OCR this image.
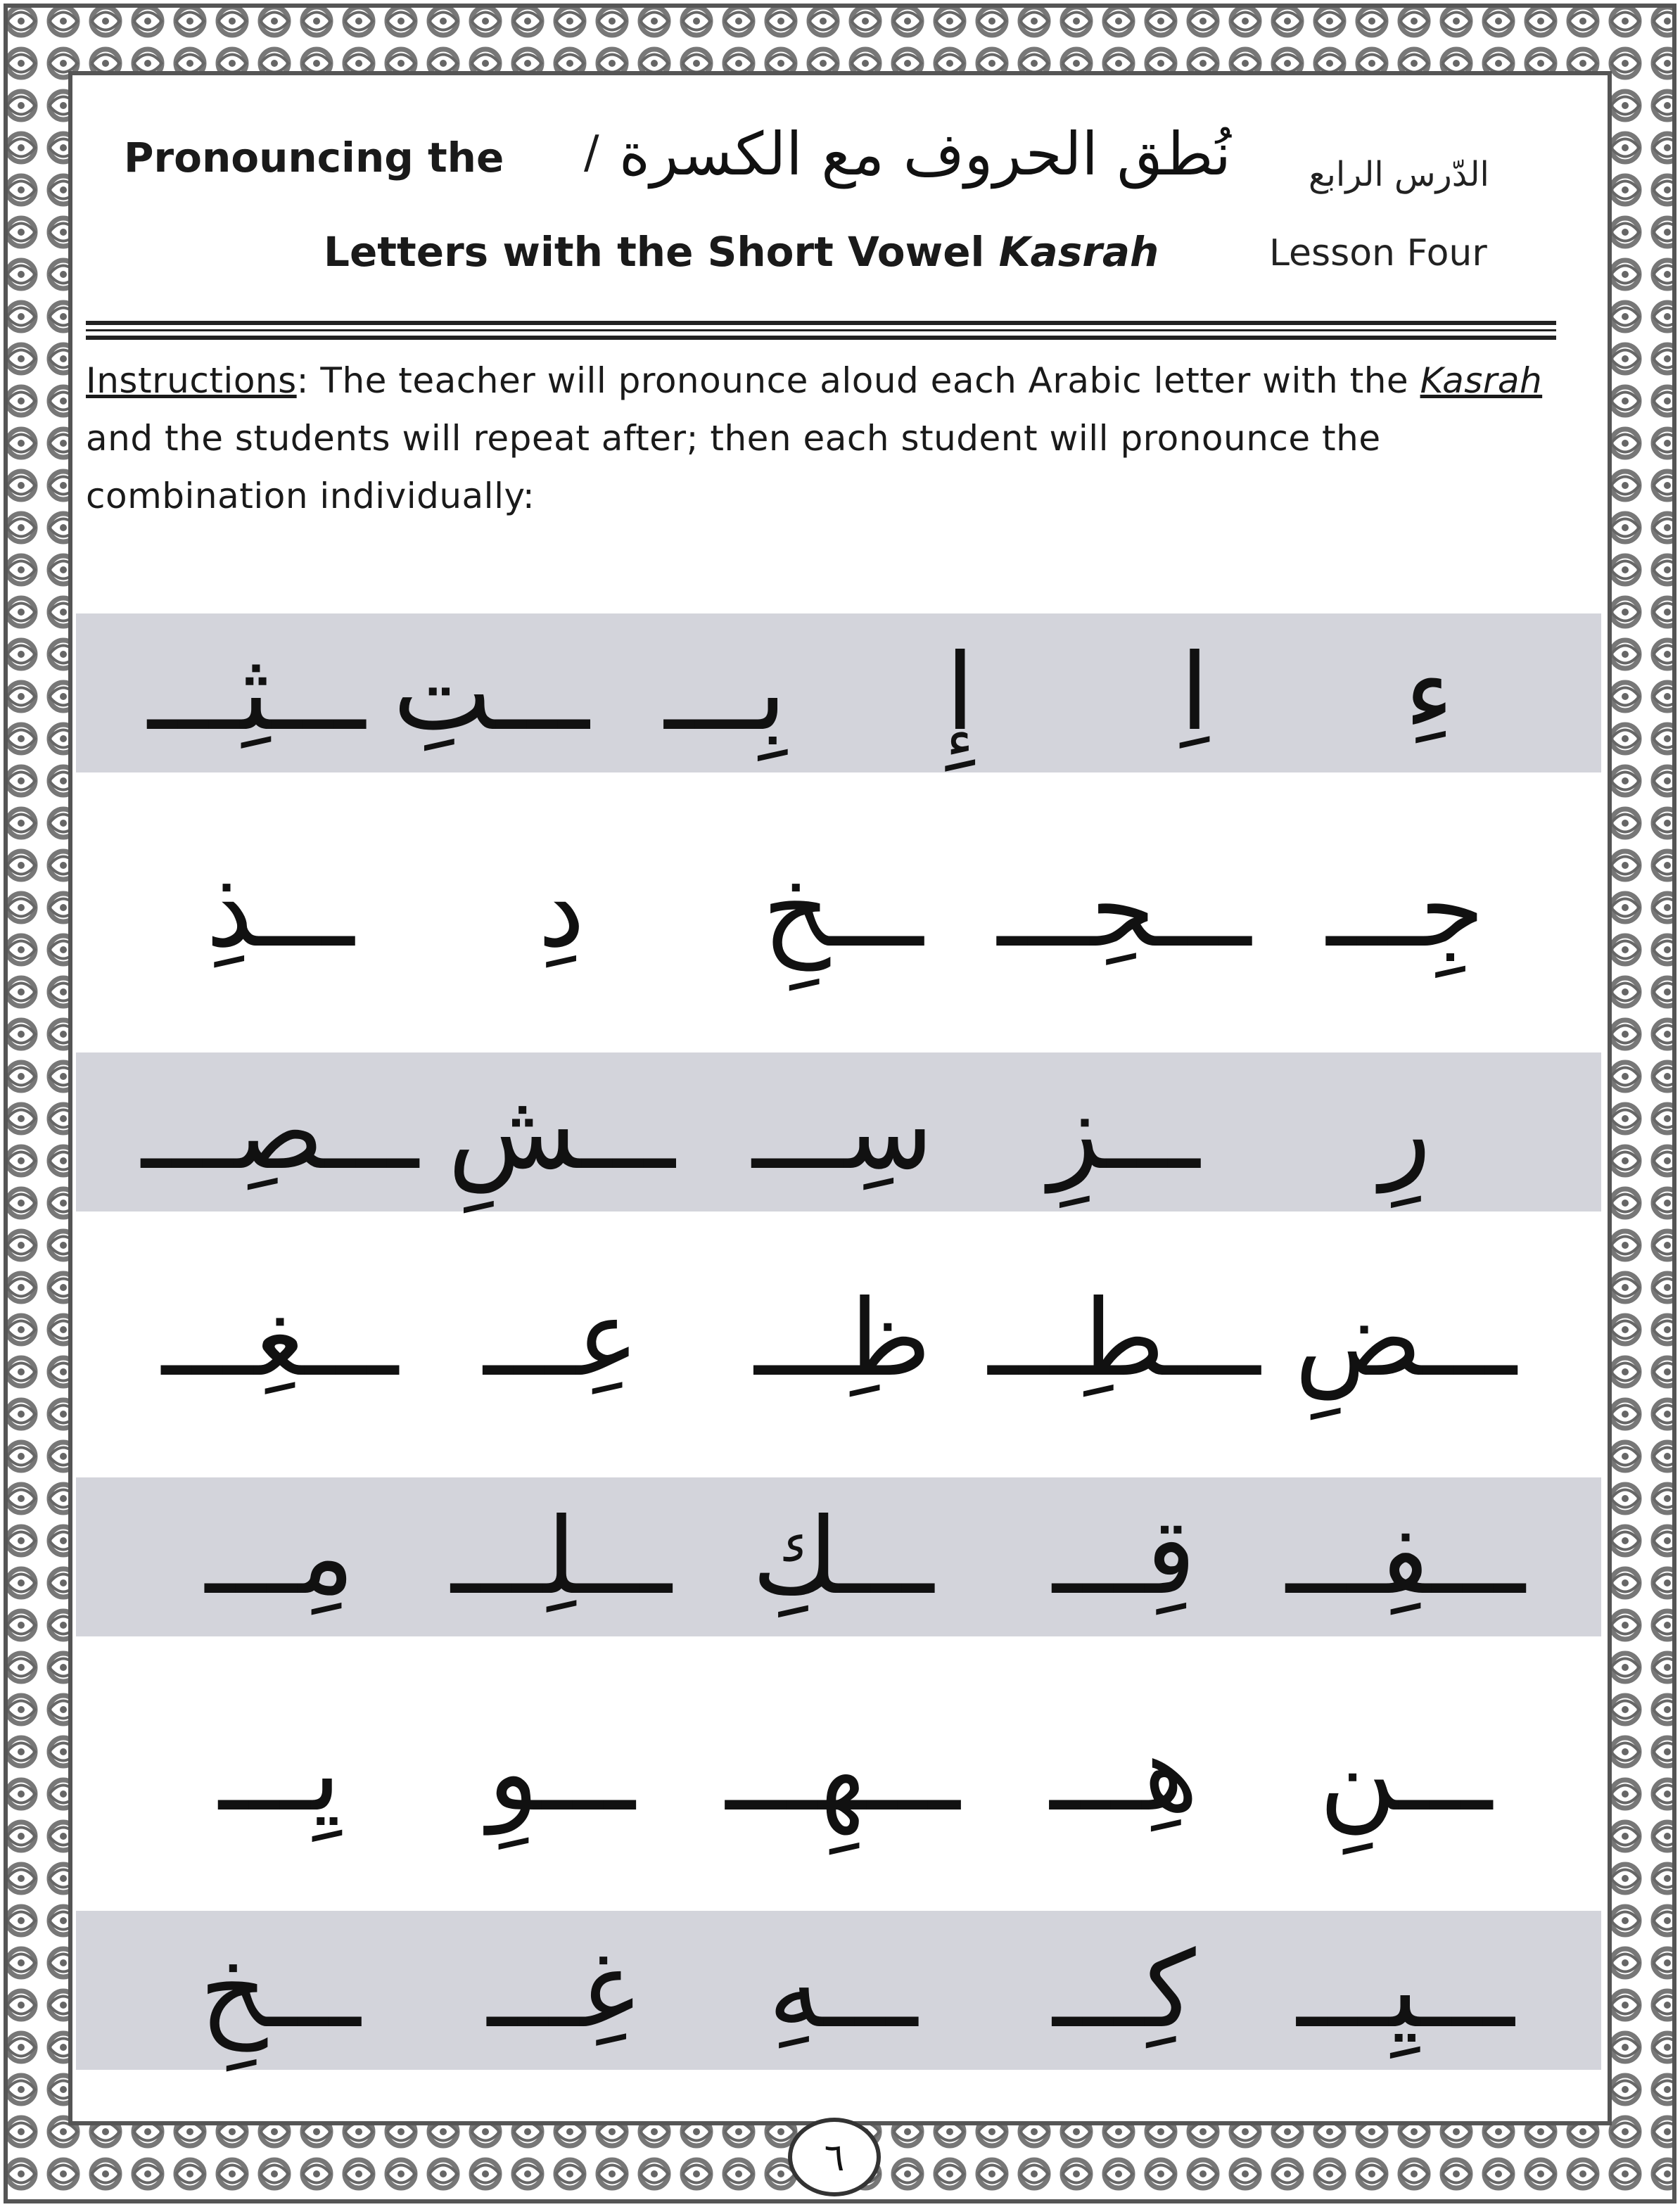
Pronouncing the / نُطق الحروف مع الكسرة الدّرس الرابع
Letters with the Short Vowel Kasrah	Lesson Four
Instructions: The teacher will pronounce aloud each Arabic letter with the Kasrah and the students will repeat after; then each student will pronounce the combination individually:
ءِ
اِ
إِ
بِـــ
ـــتِ
ـــثِـــ
جِـــ
ـــحِـــ
ـــخِ
دِ
ـــذِ
رِ
ـــزِ
سِـــ
ـــشِ
ـــصِـــ
ـــضِ
ـــطِـــ
ظِـــ
عِـــ
ـــغِـــ
ـــفِـــ
قِـــ
ـــكِ
ـــلِـــ
مِـــ
ـــنِ
هِـــ
ـــهِـــ
ـــوِ
يِـــ
ـــيِـــ
كِـــ
ـــهِ
غِـــ
ـــخِ
٦
